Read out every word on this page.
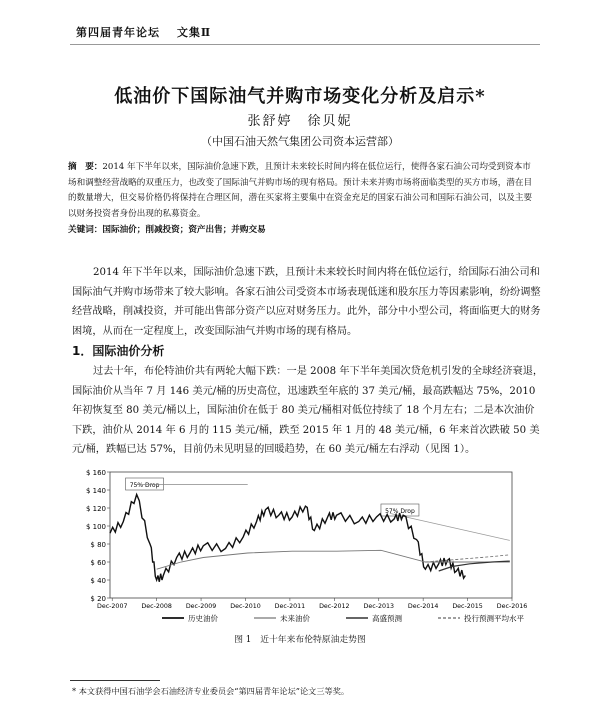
第四届青年论坛 文集Ⅱ
低油价下国际油气并购市场变化分析及启示*
张舒婷　徐贝妮
（中国石油天然气集团公司资本运营部）
摘　要：2014 年下半年以来，国际油价急速下跌，且预计未来较长时间内将在低位运行，使得各家石油公司均受到资本市场和调整经营战略的双重压力，也改变了国际油气并购市场的现有格局。预计未来并购市场将面临类型的买方市场，潜在目的数量增大，但交易价格仍将保持在合理区间，潜在买家将主要集中在资金充足的国家石油公司和国际石油公司，以及主要以财务投资者身份出现的私募资金。
关键词：国际油价；削减投资；资产出售；并购交易
2014 年下半年以来，国际油价急速下跌，且预计未来较长时间内将在低位运行，给国际石油公司和国际油气并购市场带来了较大影响。各家石油公司受资本市场表现低迷和股东压力等因素影响，纷纷调整经营战略，削减投资，并可能出售部分资产以应对财务压力。此外，部分中小型公司，将面临更大的财务困境，从而在一定程度上，改变国际油气并购市场的现有格局。
1．国际油价分析
过去十年，布伦特油价共有两轮大幅下跌：一是 2008 年下半年美国次贷危机引发的全球经济衰退，国际油价从当年 7 月 146 美元/桶的历史高位，迅速跌至年底的 37 美元/桶，最高跌幅达 75%，2010 年初恢复至 80 美元/桶以上，国际油价在低于 80 美元/桶相对低位持续了 18 个月左右；二是本次油价下跌，油价从 2014 年 6 月的 115 美元/桶，跌至 2015 年 1 月的 48 美元/桶，6 年来首次跌破 50 美元/桶，跌幅已达 57%，目前仍未见明显的回暖趋势，在 60 美元/桶左右浮动（见图 1）。
$ 20
$ 40
$ 60
$ 80
$ 100
$ 120
$ 140
$ 160
Dec-2007 Dec-2008 Dec-2009 Dec-2010 Dec-2011 Dec-2012 Dec-2013 Dec-2014 Dec-2015 Dec-2016
75% Drop
57% Drop
历史油价	未来油价	高盛预测	投行预测平均水平
图 1　近十年来布伦特原油走势图
* 本文获得中国石油学会石油经济专业委员会“第四届青年论坛”论文三等奖。
